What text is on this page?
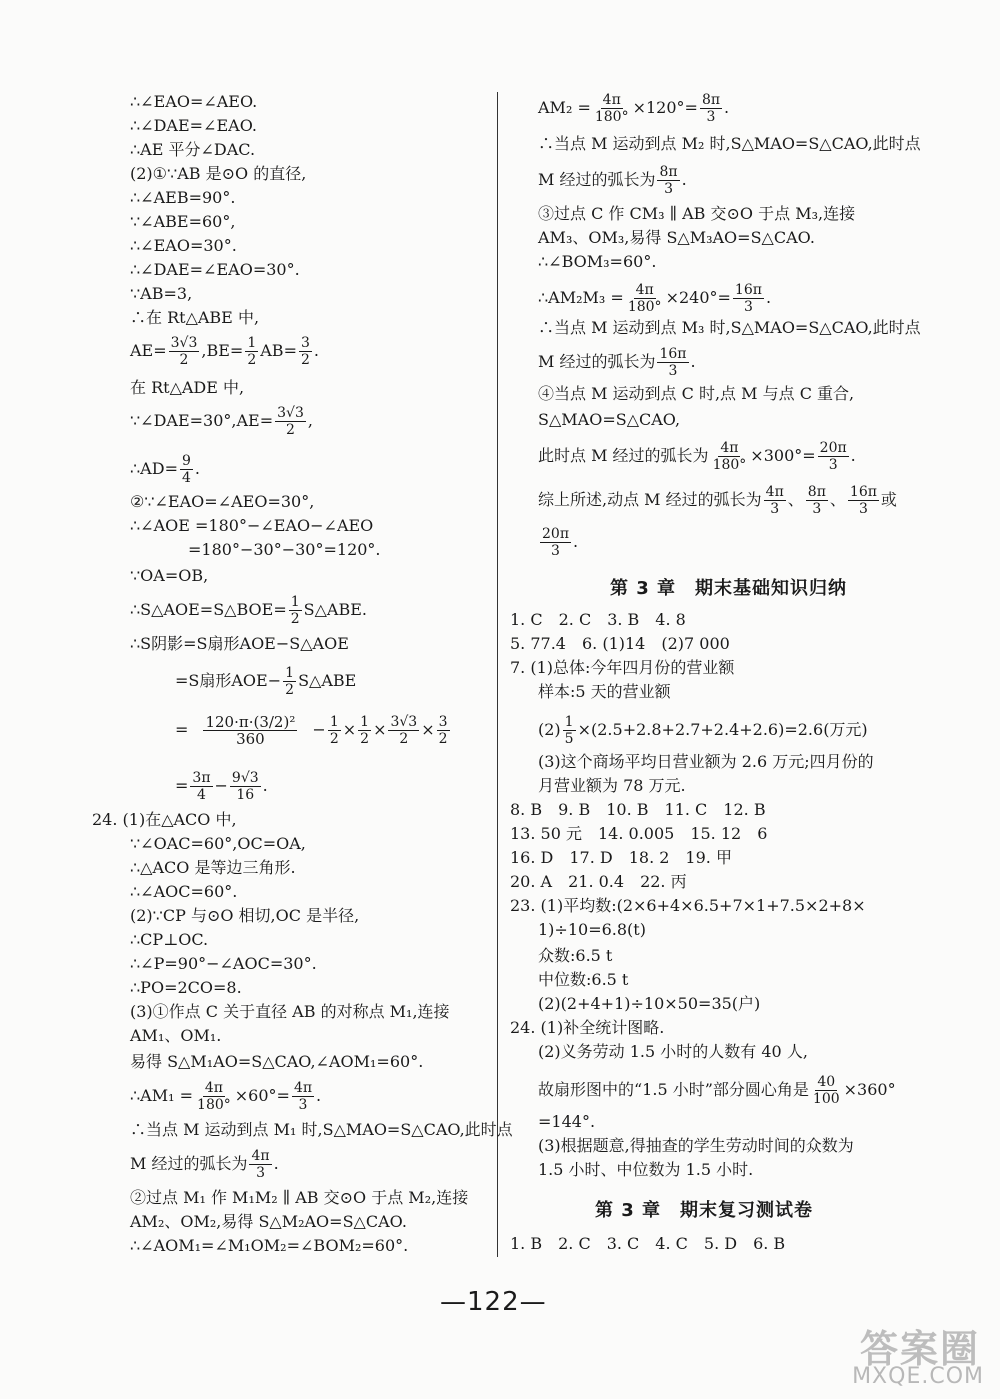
∴∠EAO=∠AEO.
∴∠DAE=∠EAO.
∴AE 平分∠DAC.
(2)①∵AB 是⊙O 的直径,
∴∠AEB=90°.
∵∠ABE=60°,
∴∠EAO=30°.
∴∠DAE=∠EAO=30°.
∵AB=3,
∴在 Rt△ABE 中,
$AE= \frac{3√3}{2} ,BE= \frac{1}{2} AB= \frac{3}{2}$ .
在 Rt△ADE 中,
∵∠DAE=30°,AE= $\frac{3√3}{2}$ ,
∴AD= $\frac{9}{4}$ .
②∵∠EAO=∠AEO=30°,
∴∠AOE =180°−∠EAO−∠AEO
=180°−30°−30°=120°.
∵OA=OB,
∴S△AOE=S△BOE= $\frac{1}{2}$ S△ABE.
∴S阴影=S扇形AOE−S△AOE
=S扇形$AOE- \frac{1}{2}$ S△ABE
= $\frac{\text{120·π·(3/2)²}}{360} - \frac{1}{2} \times \frac{1}{2} \times \frac{3√3}{2} \times \frac{3}{2}$
= $\frac{3\pi}{4} - \frac{9√3}{16}$ .
24. (1)在△ACO 中,
∵∠OAC=60°,OC=OA,
∴△ACO 是等边三角形.
∴∠AOC=60°.
(2)∵CP 与⊙O 相切,OC 是半径,
∴CP⊥OC.
∴∠P=90°−∠AOC=30°.
∴PO=2CO=8.
(3)①作点 C 关于直径 AB 的对称点 M₁,连接
AM₁、OM₁.
易得 S△M₁AO=S△CAO,∠AOM₁=60°.
∴AM₁ = $\frac{4\pi}{180^\circ} \times 60^\circ= \frac{4\pi}{3}$ .
∴当点 M 运动到点 M₁ 时,S△MAO=S△CAO,此时点
M 经过的弧长为 $\frac{4\pi}{3}$ .
②过点 M₁ 作 M₁M₂ ∥ AB 交⊙O 于点 M₂,连接
AM₂、OM₂,易得 S△M₂AO=S△CAO.
∴∠AOM₁=∠M₁OM₂=∠BOM₂=60°.
$AM_2 = \frac{4\pi}{180^\circ} \times 120^\circ= \frac{8\pi}{3}$ .
∴当点 M 运动到点 M₂ 时,S△MAO=S△CAO,此时点
M 经过的弧长为 $\frac{8\pi}{3}$ .
③过点 C 作 CM₃ ∥ AB 交⊙O 于点 M₃,连接
AM₃、OM₃,易得 S△M₃AO=S△CAO.
∴∠BOM₃=60°.
∴AM₂M₃ = $\frac{4\pi}{180^\circ} \times 240^\circ= \frac{16\pi}{3}$ .
∴当点 M 运动到点 M₃ 时,S△MAO=S△CAO,此时点
M 经过的弧长为 $\frac{16\pi}{3}$ .
④当点 M 运动到点 C 时,点 M 与点 C 重合,
S△MAO=S△CAO,
此时点 M 经过的弧长为 $\frac{4\pi}{180^\circ} \times 300^\circ= \frac{20\pi}{3}$ .
综上所述,动点 M 经过的弧长为 $\frac{4\pi}{3}$ 、 $\frac{8\pi}{3}$ 、 $\frac{16\pi}{3}$ 或
$\frac{20\pi}{3}$ .
第 3 章　期末基础知识归纳
1. C　2. C　3. B　4. 8
5. 77.4　6. (1)14　(2)7 000
7. (1)总体:今年四月份的营业额
样本:5 天的营业额
$(2) \frac{1}{5} \times(2.5+2.8+2.7+2.4+2.6)=2.6$(万元)
(3)这个商场平均日营业额为 2.6 万元;四月份的
月营业额为 78 万元.
8. B　9. B　10. B　11. C　12. B
13. 50 元　14. 0.005　15. 12　6
16. D　17. D　18. 2　19. 甲
20. A　21. 0.4　22. 丙
23. (1)平均数:(2×6+4×6.5+7×1+7.5×2+8×
1)÷10=6.8(t)
众数:6.5 t
中位数:6.5 t
(2)(2+4+1)÷10×50=35(户)
24. (1)补全统计图略.
(2)义务劳动 1.5 小时的人数有 40 人,
故扇形图中的“1.5 小时”部分圆心角是 $\frac{40}{100} \times 360^\circ$
=144°.
(3)根据题意,得抽查的学生劳动时间的众数为
1.5 小时、中位数为 1.5 小时.
第 3 章　期末复习测试卷
1. B　2. C　3. C　4. C　5. D　6. B
—122—
答案圈
MXQE.COM
